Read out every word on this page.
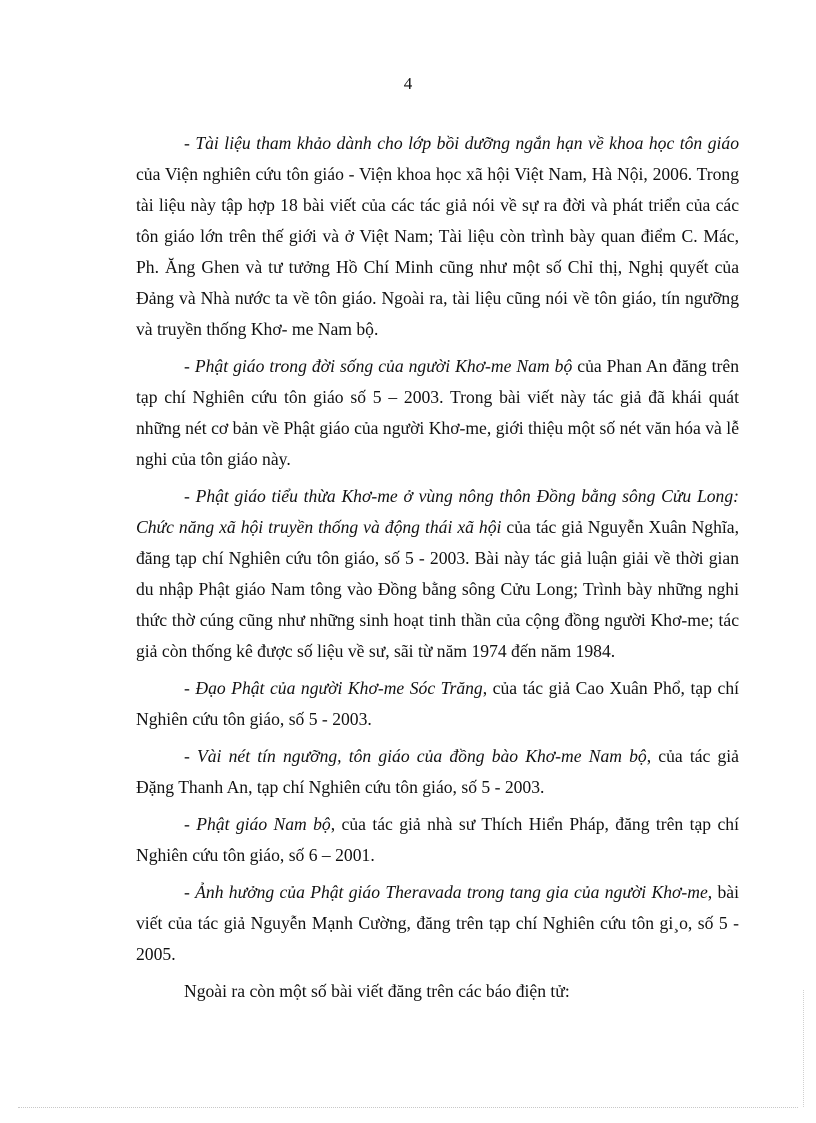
4

- Tài liệu tham khảo dành cho lớp bồi dưỡng ngắn hạn về khoa học tôn giáo của Viện nghiên cứu tôn giáo - Viện khoa học xã hội Việt Nam, Hà Nội, 2006. Trong tài liệu này tập hợp 18 bài viết của các tác giả nói về sự ra đời và phát triển của các tôn giáo lớn trên thế giới và ở Việt Nam; Tài liệu còn trình bày quan điểm C. Mác, Ph. Ăng Ghen và tư tưởng Hồ Chí Minh cũng như một số Chỉ thị, Nghị quyết của Đảng và Nhà nước ta về tôn giáo. Ngoài ra, tài liệu cũng nói về tôn giáo, tín ngưỡng và truyền thống Khơ- me Nam bộ.

- Phật giáo trong đời sống của người Khơ-me Nam bộ của Phan An đăng trên tạp chí Nghiên cứu tôn giáo số 5 – 2003. Trong bài viết này tác giả đã khái quát những nét cơ bản về Phật giáo của người Khơ-me, giới thiệu một số nét văn hóa và lễ nghi của tôn giáo này.

- Phật giáo tiểu thừa Khơ-me ở vùng nông thôn Đồng bằng sông Cửu Long: Chức năng xã hội truyền thống và động thái xã hội của tác giả Nguyễn Xuân Nghĩa, đăng tạp chí Nghiên cứu tôn giáo, số 5 - 2003. Bài này tác giả luận giải về thời gian du nhập Phật giáo Nam tông vào Đồng bằng sông Cửu Long; Trình bày những nghi thức thờ cúng cũng như những sinh hoạt tinh thần của cộng đồng người Khơ-me; tác giả còn thống kê được số liệu về sư, sãi từ năm 1974 đến năm 1984.

- Đạo Phật của người Khơ-me Sóc Trăng, của tác giả Cao Xuân Phổ, tạp chí Nghiên cứu tôn giáo, số 5 - 2003.

- Vài nét tín ngưỡng, tôn giáo của đồng bào Khơ-me Nam bộ, của tác giả Đặng Thanh An, tạp chí Nghiên cứu tôn giáo, số 5 - 2003.

- Phật giáo Nam bộ, của tác giả nhà sư Thích Hiển Pháp, đăng trên tạp chí Nghiên cứu tôn giáo, số 6 – 2001.

- Ảnh hưởng của Phật giáo Theravada trong tang gia của người Khơ-me, bài viết của tác giả Nguyễn Mạnh Cường, đăng trên tạp chí Nghiên cứu tôn gi¸o, số 5 - 2005.

Ngoài ra còn một số bài viết đăng trên các báo điện tử:
